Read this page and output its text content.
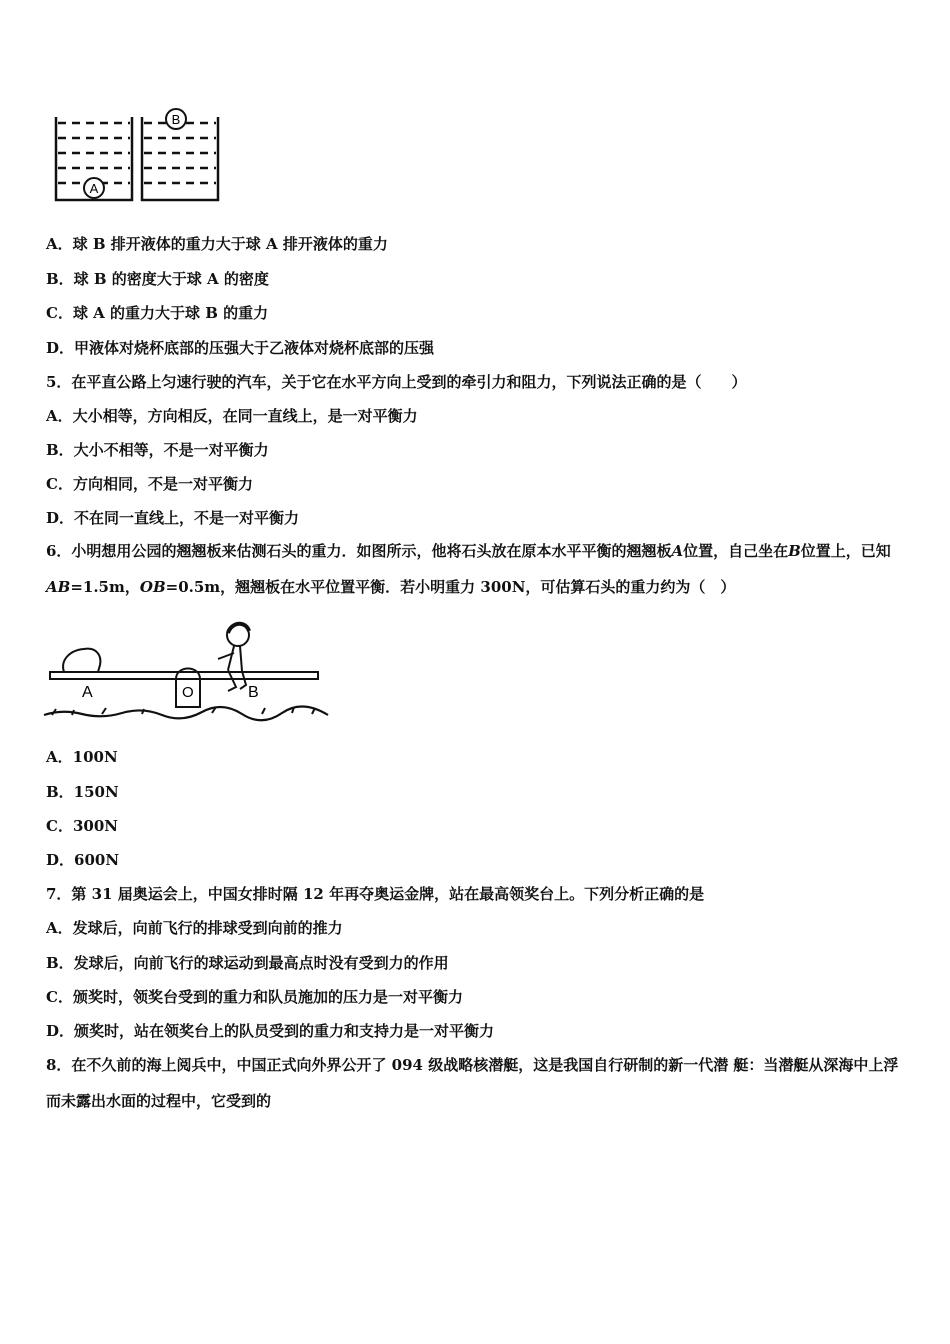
A
B
A．球 B 排开液体的重力大于球 A 排开液体的重力
B．球 B 的密度大于球 A 的密度
C．球 A 的重力大于球 B 的重力
D．甲液体对烧杯底部的压强大于乙液体对烧杯底部的压强
5．在平直公路上匀速行驶的汽车，关于它在水平方向上受到的牵引力和阻力，下列说法正确的是（　　）
A．大小相等，方向相反，在同一直线上，是一对平衡力
B．大小不相等，不是一对平衡力
C．方向相同，不是一对平衡力
D．不在同一直线上，不是一对平衡力
6．小明想用公园的翘翘板来估测石头的重力．如图所示，他将石头放在原本水平平衡的翘翘板A位置，自己坐在B位置上，已知AB=1.5m，OB=0.5m，翘翘板在水平位置平衡．若小明重力 300N，可估算石头的重力约为（　）
A	O	B
A．100N
B．150N
C．300N
D．600N
7．第 31 届奥运会上，中国女排时隔 12 年再夺奥运金牌，站在最高领奖台上。下列分析正确的是
A．发球后，向前飞行的排球受到向前的推力
B．发球后，向前飞行的球运动到最高点时没有受到力的作用
C．颁奖时，领奖台受到的重力和队员施加的压力是一对平衡力
D．颁奖时，站在领奖台上的队员受到的重力和支持力是一对平衡力
8．在不久前的海上阅兵中，中国正式向外界公开了 094 级战略核潜艇，这是我国自行研制的新一代潜 艇：当潜艇从深海中上浮而未露出水面的过程中，它受到的
